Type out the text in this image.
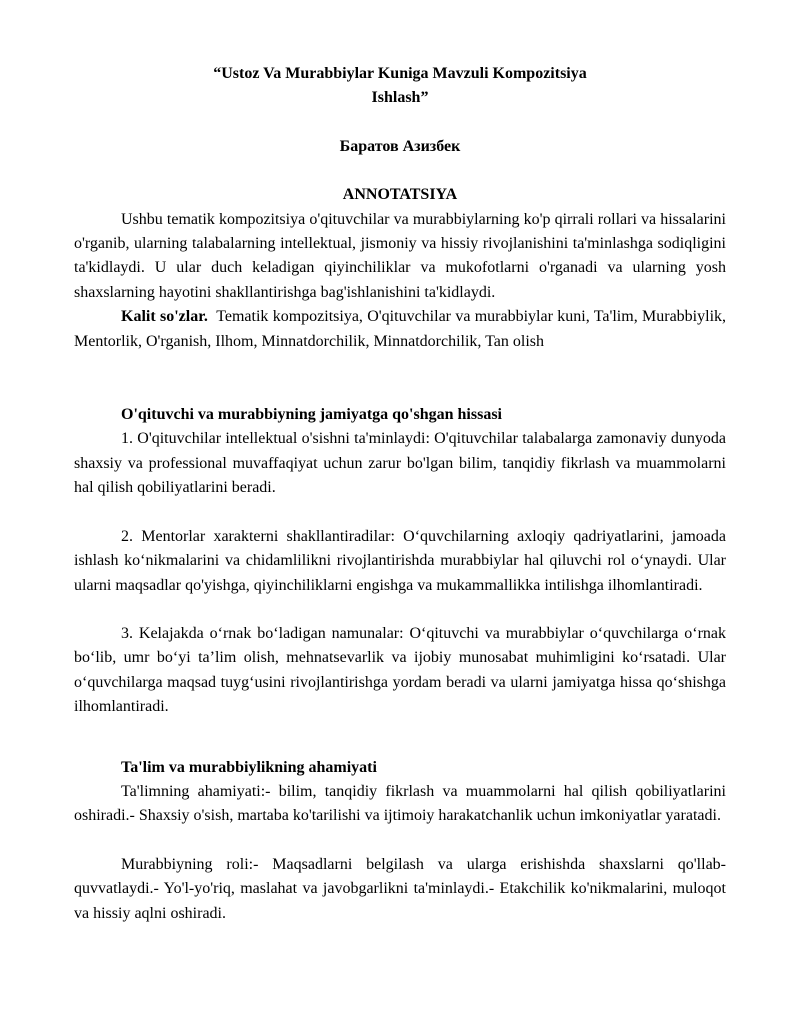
“Ustoz Va Murabbiylar Kuniga Mavzuli Kompozitsiya
Ishlash”
Баратов Азизбек
ANNOTATSIYA

Ushbu tematik kompozitsiya o'qituvchilar va murabbiylarning ko'p qirrali rollari va hissalarini o'rganib, ularning talabalarning intellektual, jismoniy va hissiy rivojlanishini ta'minlashga sodiqligini ta'kidlaydi. U ular duch keladigan qiyinchiliklar va mukofotlarni o'rganadi va ularning yosh shaxslarning hayotini shakllantirishga bag'ishlanishini ta'kidlaydi.

Kalit so'zlar. Tematik kompozitsiya, O'qituvchilar va murabbiylar kuni, Ta'lim, Murabbiylik, Mentorlik, O'rganish, Ilhom, Minnatdorchilik, Minnatdorchilik, Tan olish

O'qituvchi va murabbiyning jamiyatga qo'shgan hissasi

1. O'qituvchilar intellektual o'sishni ta'minlaydi: O'qituvchilar talabalarga zamonaviy dunyoda shaxsiy va professional muvaffaqiyat uchun zarur bo'lgan bilim, tanqidiy fikrlash va muammolarni hal qilish qobiliyatlarini beradi.

2. Mentorlar xarakterni shakllantiradilar: O‘quvchilarning axloqiy qadriyatlarini, jamoada ishlash ko‘nikmalarini va chidamlilikni rivojlantirishda murabbiylar hal qiluvchi rol o‘ynaydi. Ular ularni maqsadlar qo'yishga, qiyinchiliklarni engishga va mukammallikka intilishga ilhomlantiradi.

3. Kelajakda o‘rnak bo‘ladigan namunalar: O‘qituvchi va murabbiylar o‘quvchilarga o‘rnak bo‘lib, umr bo‘yi ta’lim olish, mehnatsevarlik va ijobiy munosabat muhimligini ko‘rsatadi. Ular o‘quvchilarga maqsad tuyg‘usini rivojlantirishga yordam beradi va ularni jamiyatga hissa qo‘shishga ilhomlantiradi.

Ta'lim va murabbiylikning ahamiyati

Ta'limning ahamiyati:- bilim, tanqidiy fikrlash va muammolarni hal qilish qobiliyatlarini oshiradi.- Shaxsiy o'sish, martaba ko'tarilishi va ijtimoiy harakatchanlik uchun imkoniyatlar yaratadi.

Murabbiyning roli:- Maqsadlarni belgilash va ularga erishishda shaxslarni qo'llab-quvvatlaydi.- Yo'l-yo'riq, maslahat va javobgarlikni ta'minlaydi.- Etakchilik ko'nikmalarini, muloqot va hissiy aqlni oshiradi.
